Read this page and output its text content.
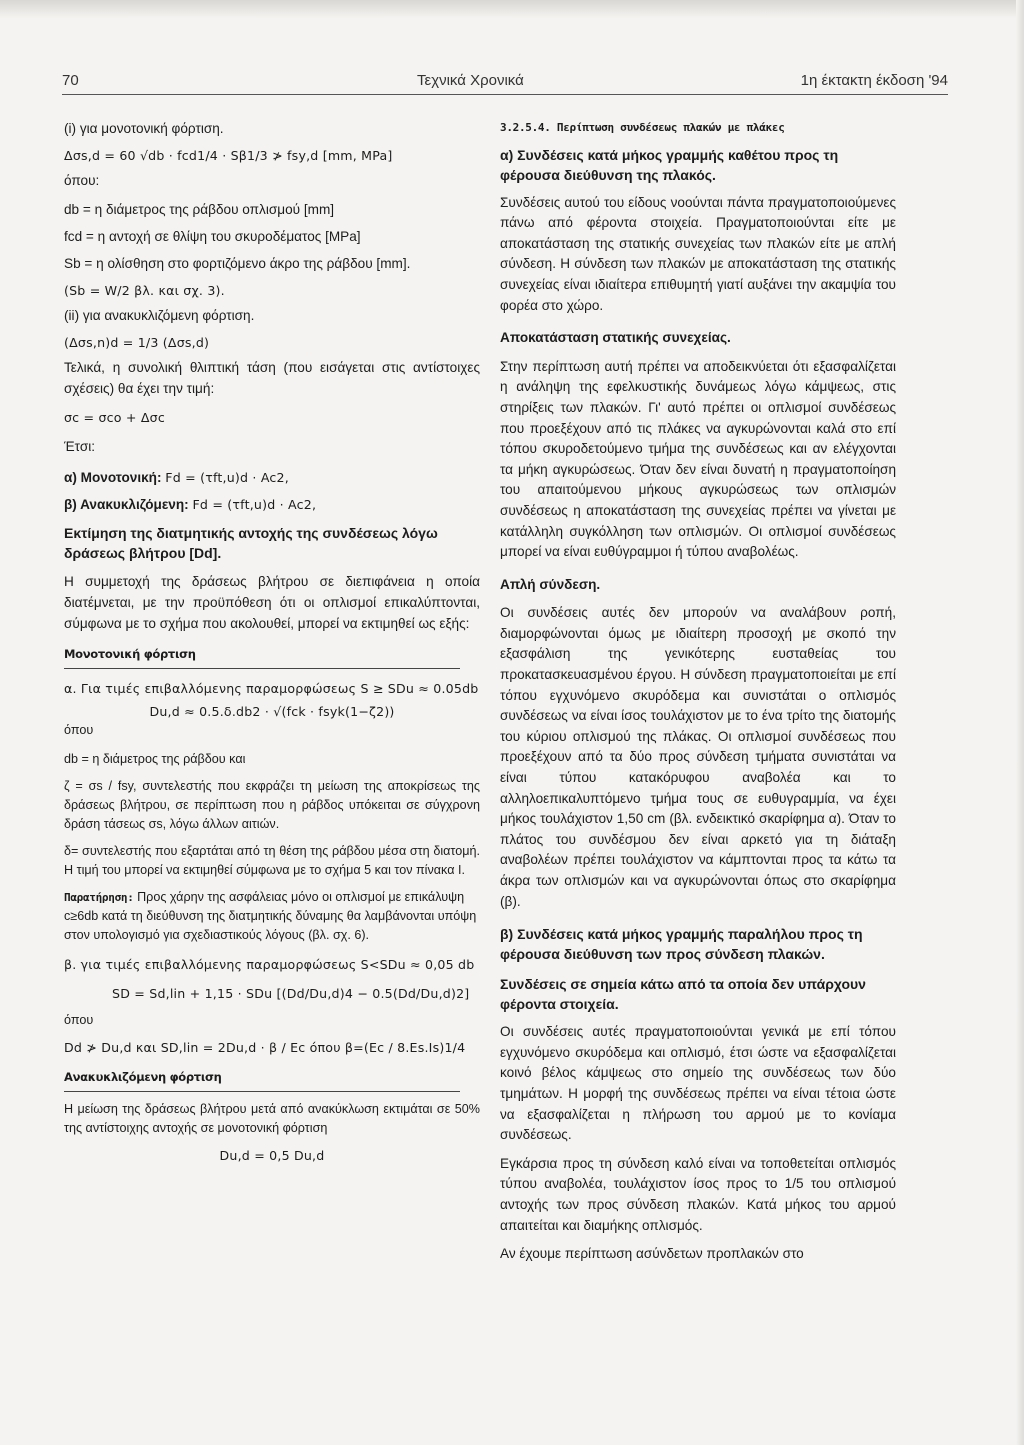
70	Τεχνικά Χρονικά	1η έκτακτη έκδοση '94

(i) για μονοτονική φόρτιση.

Δσs,d = 60 √db · fcd1/4 · Sβ1/3 ≯ fsy,d [mm, MPa]

όπου:

db = η διάμετρος της ράβδου οπλισμού [mm]

fcd = η αντοχή σε θλίψη του σκυροδέματος [MPa]

Sb = η ολίσθηση στο φορτιζόμενο άκρο της ράβδου [mm].

(Sb = W/2 βλ. και σχ. 3).

(ii) για ανακυκλιζόμενη φόρτιση.

(Δσs,n)d = 1/3 (Δσs,d)

Τελικά, η συνολική θλιπτική τάση (που εισάγεται στις αντίστοιχες σχέσεις) θα έχει την τιμή:

σc = σco + Δσc

Έτσι:

α) Μονοτονική: Fd = (τft,u)d · Ac2,

β) Ανακυκλιζόμενη: Fd = (τft,u)d · Ac2,

Εκτίμηση της διατμητικής αντοχής της συνδέσεως λόγω δράσεως βλήτρου [Dd].

Η συμμετοχή της δράσεως βλήτρου σε διεπιφάνεια η οποία διατέμνεται, με την προϋπόθεση ότι οι οπλισμοί επικαλύπτονται, σύμφωνα με το σχήμα που ακολουθεί, μπορεί να εκτιμηθεί ως εξής:

Μονοτονική φόρτιση

α. Για τιμές επιβαλλόμενης παραμορφώσεως S ≥ SDu ≈ 0.05db

Du,d ≈ 0.5.δ.db2 · √(fck · fsyk(1−ζ2))

όπου

db = η διάμετρος της ράβδου και

ζ = σs / fsy, συντελεστής που εκφράζει τη μείωση της αποκρίσεως της δράσεως βλήτρου, σε περίπτωση που η ράβδος υπόκειται σε σύγχρονη δράση τάσεως σs, λόγω άλλων αιτιών.

δ= συντελεστής που εξαρτάται από τη θέση της ράβδου μέσα στη διατομή. Η τιμή του μπορεί να εκτιμηθεί σύμφωνα με το σχήμα 5 και τον πίνακα I.

Παρατήρηση: Προς χάρην της ασφάλειας μόνο οι οπλισμοί με επικάλυψη c≥6db κατά τη διεύθυνση της διατμητικής δύναμης θα λαμβάνονται υπόψη στον υπολογισμό για σχεδιαστικούς λόγους (βλ. σχ. 6).

β. για τιμές επιβαλλόμενης παραμορφώσεως S<SDu ≈ 0,05 db

SD = Sd,lin + 1,15 · SDu [(Dd/Du,d)4 − 0.5(Dd/Du,d)2]

όπου

Dd ≯ Du,d και SD,lin = 2Du,d · β / Ec όπου β=(Ec / 8.Es.Is)1/4

Ανακυκλιζόμενη φόρτιση

Η μείωση της δράσεως βλήτρου μετά από ανακύκλωση εκτιμάται σε 50% της αντίστοιχης αντοχής σε μονοτονική φόρτιση

Du,d = 0,5 Du,d

3.2.5.4. Περίπτωση συνδέσεως πλακών με πλάκες

α) Συνδέσεις κατά μήκος γραμμής καθέτου προς τη φέρουσα διεύθυνση της πλακός.

Συνδέσεις αυτού του είδους νοούνται πάντα πραγματοποιούμενες πάνω από φέροντα στοιχεία. Πραγματοποιούνται είτε με αποκατάσταση της στατικής συνεχείας των πλακών είτε με απλή σύνδεση. Η σύνδεση των πλακών με αποκατάσταση της στατικής συνεχείας είναι ιδιαίτερα επιθυμητή γιατί αυξάνει την ακαμψία του φορέα στο χώρο.

Αποκατάσταση στατικής συνεχείας.

Στην περίπτωση αυτή πρέπει να αποδεικνύεται ότι εξασφαλίζεται η ανάληψη της εφελκυστικής δυνάμεως λόγω κάμψεως, στις στηρίξεις των πλακών. Γι' αυτό πρέπει οι οπλισμοί συνδέσεως που προεξέχουν από τις πλάκες να αγκυρώνονται καλά στο επί τόπου σκυροδετούμενο τμήμα της συνδέσεως και αν ελέγχονται τα μήκη αγκυρώσεως. Όταν δεν είναι δυνατή η πραγματοποίηση του απαιτούμενου μήκους αγκυρώσεως των οπλισμών συνδέσεως η αποκατάσταση της συνεχείας πρέπει να γίνεται με κατάλληλη συγκόλληση των οπλισμών. Οι οπλισμοί συνδέσεως μπορεί να είναι ευθύγραμμοι ή τύπου αναβολέως.

Απλή σύνδεση.

Οι συνδέσεις αυτές δεν μπορούν να αναλάβουν ροπή, διαμορφώνονται όμως με ιδιαίτερη προσοχή με σκοπό την εξασφάλιση της γενικότερης ευσταθείας του προκατασκευασμένου έργου. Η σύνδεση πραγματοποιείται με επί τόπου εγχυνόμενο σκυρόδεμα και συνιστάται ο οπλισμός συνδέσεως να είναι ίσος τουλάχιστον με το ένα τρίτο της διατομής του κύριου οπλισμού της πλάκας. Οι οπλισμοί συνδέσεως που προεξέχουν από τα δύο προς σύνδεση τμήματα συνιστάται να είναι τύπου κατακόρυφου αναβολέα και το αλληλοεπικαλυπτόμενο τμήμα τους σε ευθυγραμμία, να έχει μήκος τουλάχιστον 1,50 cm (βλ. ενδεικτικό σκαρίφημα α). Όταν το πλάτος του συνδέσμου δεν είναι αρκετό για τη διάταξη αναβολέων πρέπει τουλάχιστον να κάμπτονται προς τα κάτω τα άκρα των οπλισμών και να αγκυρώνονται όπως στο σκαρίφημα (β).

β) Συνδέσεις κατά μήκος γραμμής παραλήλου προς τη φέρουσα διεύθυνση των προς σύνδεση πλακών.

Συνδέσεις σε σημεία κάτω από τα οποία δεν υπάρχουν φέροντα στοιχεία.

Οι συνδέσεις αυτές πραγματοποιούνται γενικά με επί τόπου εγχυνόμενο σκυρόδεμα και οπλισμό, έτσι ώστε να εξασφαλίζεται κοινό βέλος κάμψεως στο σημείο της συνδέσεως των δύο τμημάτων. Η μορφή της συνδέσεως πρέπει να είναι τέτοια ώστε να εξασφαλίζεται η πλήρωση του αρμού με το κονίαμα συνδέσεως.

Εγκάρσια προς τη σύνδεση καλό είναι να τοποθετείται οπλισμός τύπου αναβολέα, τουλάχιστον ίσος προς το 1/5 του οπλισμού αντοχής των προς σύνδεση πλακών. Κατά μήκος του αρμού απαιτείται και διαμήκης οπλισμός.

Αν έχουμε περίπτωση ασύνδετων προπλακών στο
